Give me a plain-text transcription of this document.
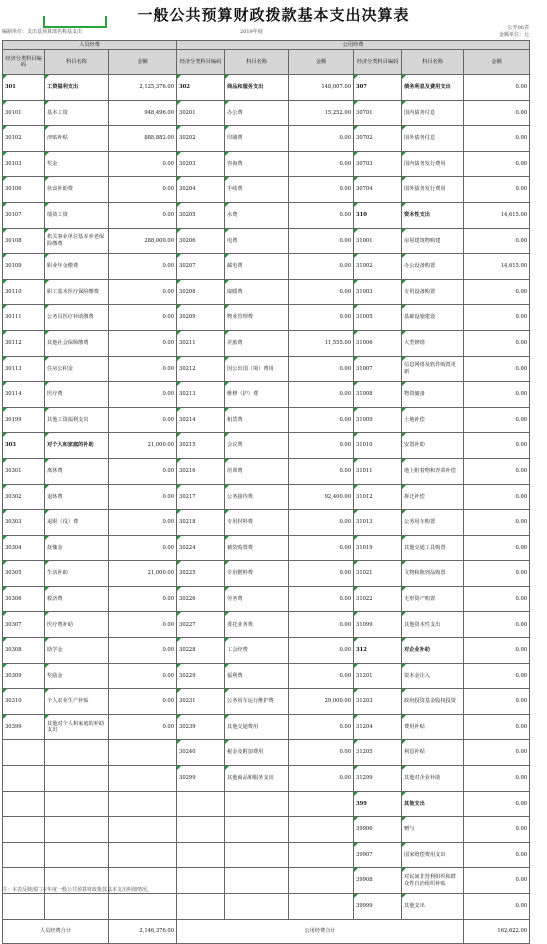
一般公共预算财政拨款基本支出决算表
编制单位：支出基预算部名称基支出	2019年度
公开06表
金额单位：元
人员经费			公用经费					
经济分类科目编码	科目名称	金额	经济分类科目编码	科目名称	金额	经济分类科目编码	科目名称	金额
301	工资福利支出	2,125,376.00	302	商品和服务支出	148,007.00	307	债务利息及费用支出	0.00
30101	基本工资	948,496.00	30201	办公费	15,252.00	30701	国内债务付息	0.00
30102	津贴补贴	888,882.00	30202	印刷费	0.00	30702	国外债务付息	0.00
30103	奖金	0.00	30203	咨询费	0.00	30703	国内债务发行费用	0.00
30106	伙食补助费	0.00	30204	手续费	0.00	30704	国外债务发行费用	0.00
30107	绩效工资	0.00	30205	水费	0.00	310	资本性支出	14,615.00
30108	机关事业单位基本养老保险缴费	288,000.00	30206	电费	0.00	31001	房屋建筑物购建	0.00
30109	职业年金缴费	0.00	30207	邮电费	0.00	31002	办公设备购置	14,615.00
30110	职工基本医疗保险缴费	0.00	30208	取暖费	0.00	31003	专用设备购置	0.00
30111	公务员医疗补助缴费	0.00	30209	物业管理费	0.00	31005	基础设施建设	0.00
30112	其他社会保障缴费	0.00	30211	差旅费	11,555.00	31006	大型修缮	0.00
30113	住房公积金	0.00	30212	因公出国（境）费用	0.00	31007	信息网络及软件购置更新	0.00
30114	医疗费	0.00	30213	维修（护）费	0.00	31008	物资储备	0.00
30199	其他工资福利支出	0.00	30214	租赁费	0.00	31009	土地补偿	0.00
303	对个人和家庭的补助	21,000.00	30215	会议费	0.00	31010	安置补助	0.00
30301	离休费	0.00	30216	培训费	0.00	31011	地上附着物和青苗补偿	0.00
30302	退休费	0.00	30217	公务接待费	92,400.00	31012	拆迁补偿	0.00
30303	退职（役）费	0.00	30218	专用材料费	0.00	31013	公务用车购置	0.00
30304	抚恤金	0.00	30224	被装购置费	0.00	31019	其他交通工具购置	0.00
30305	生活补助	21,000.00	30225	专用燃料费	0.00	31021	文物和陈列品购置	0.00
30306	救济费	0.00	30226	劳务费	0.00	31022	无形资产购置	0.00
30307	医疗费补助	0.00	30227	委托业务费	0.00	31099	其他资本性支出	0.00
30308	助学金	0.00	30228	工会经费	0.00	312	对企业补助	0.00
30309	奖励金	0.00	30229	福利费	0.00	31201	资本金注入	0.00
30310	个人农业生产补贴	0.00	30231	公务用车运行维护费	29,000.00	31203	政府投资基金股权投资	0.00
30399	其他对个人和家庭的补助支出	0.00	30239	其他交通费用	0.00	31204	费用补贴	0.00
			30240	税金及附加费用	0.00	31205	利息补贴	0.00
			30299	其他商品和服务支出	0.00	31299	其他对企业补助	0.00
						399	其他支出	0.00
						39906	赠与	0.00
						39907	国家赔偿费用支出	0.00
						39908	对民间非营利组织和群众性自治组织补贴	0.00
						39999	其他支出	0.00
人员经费合计		2,146,376.00	公用经费合计					162,622.00
注：本表反映部门本年度一般公共预算财政拨款基本支出明细情况。
